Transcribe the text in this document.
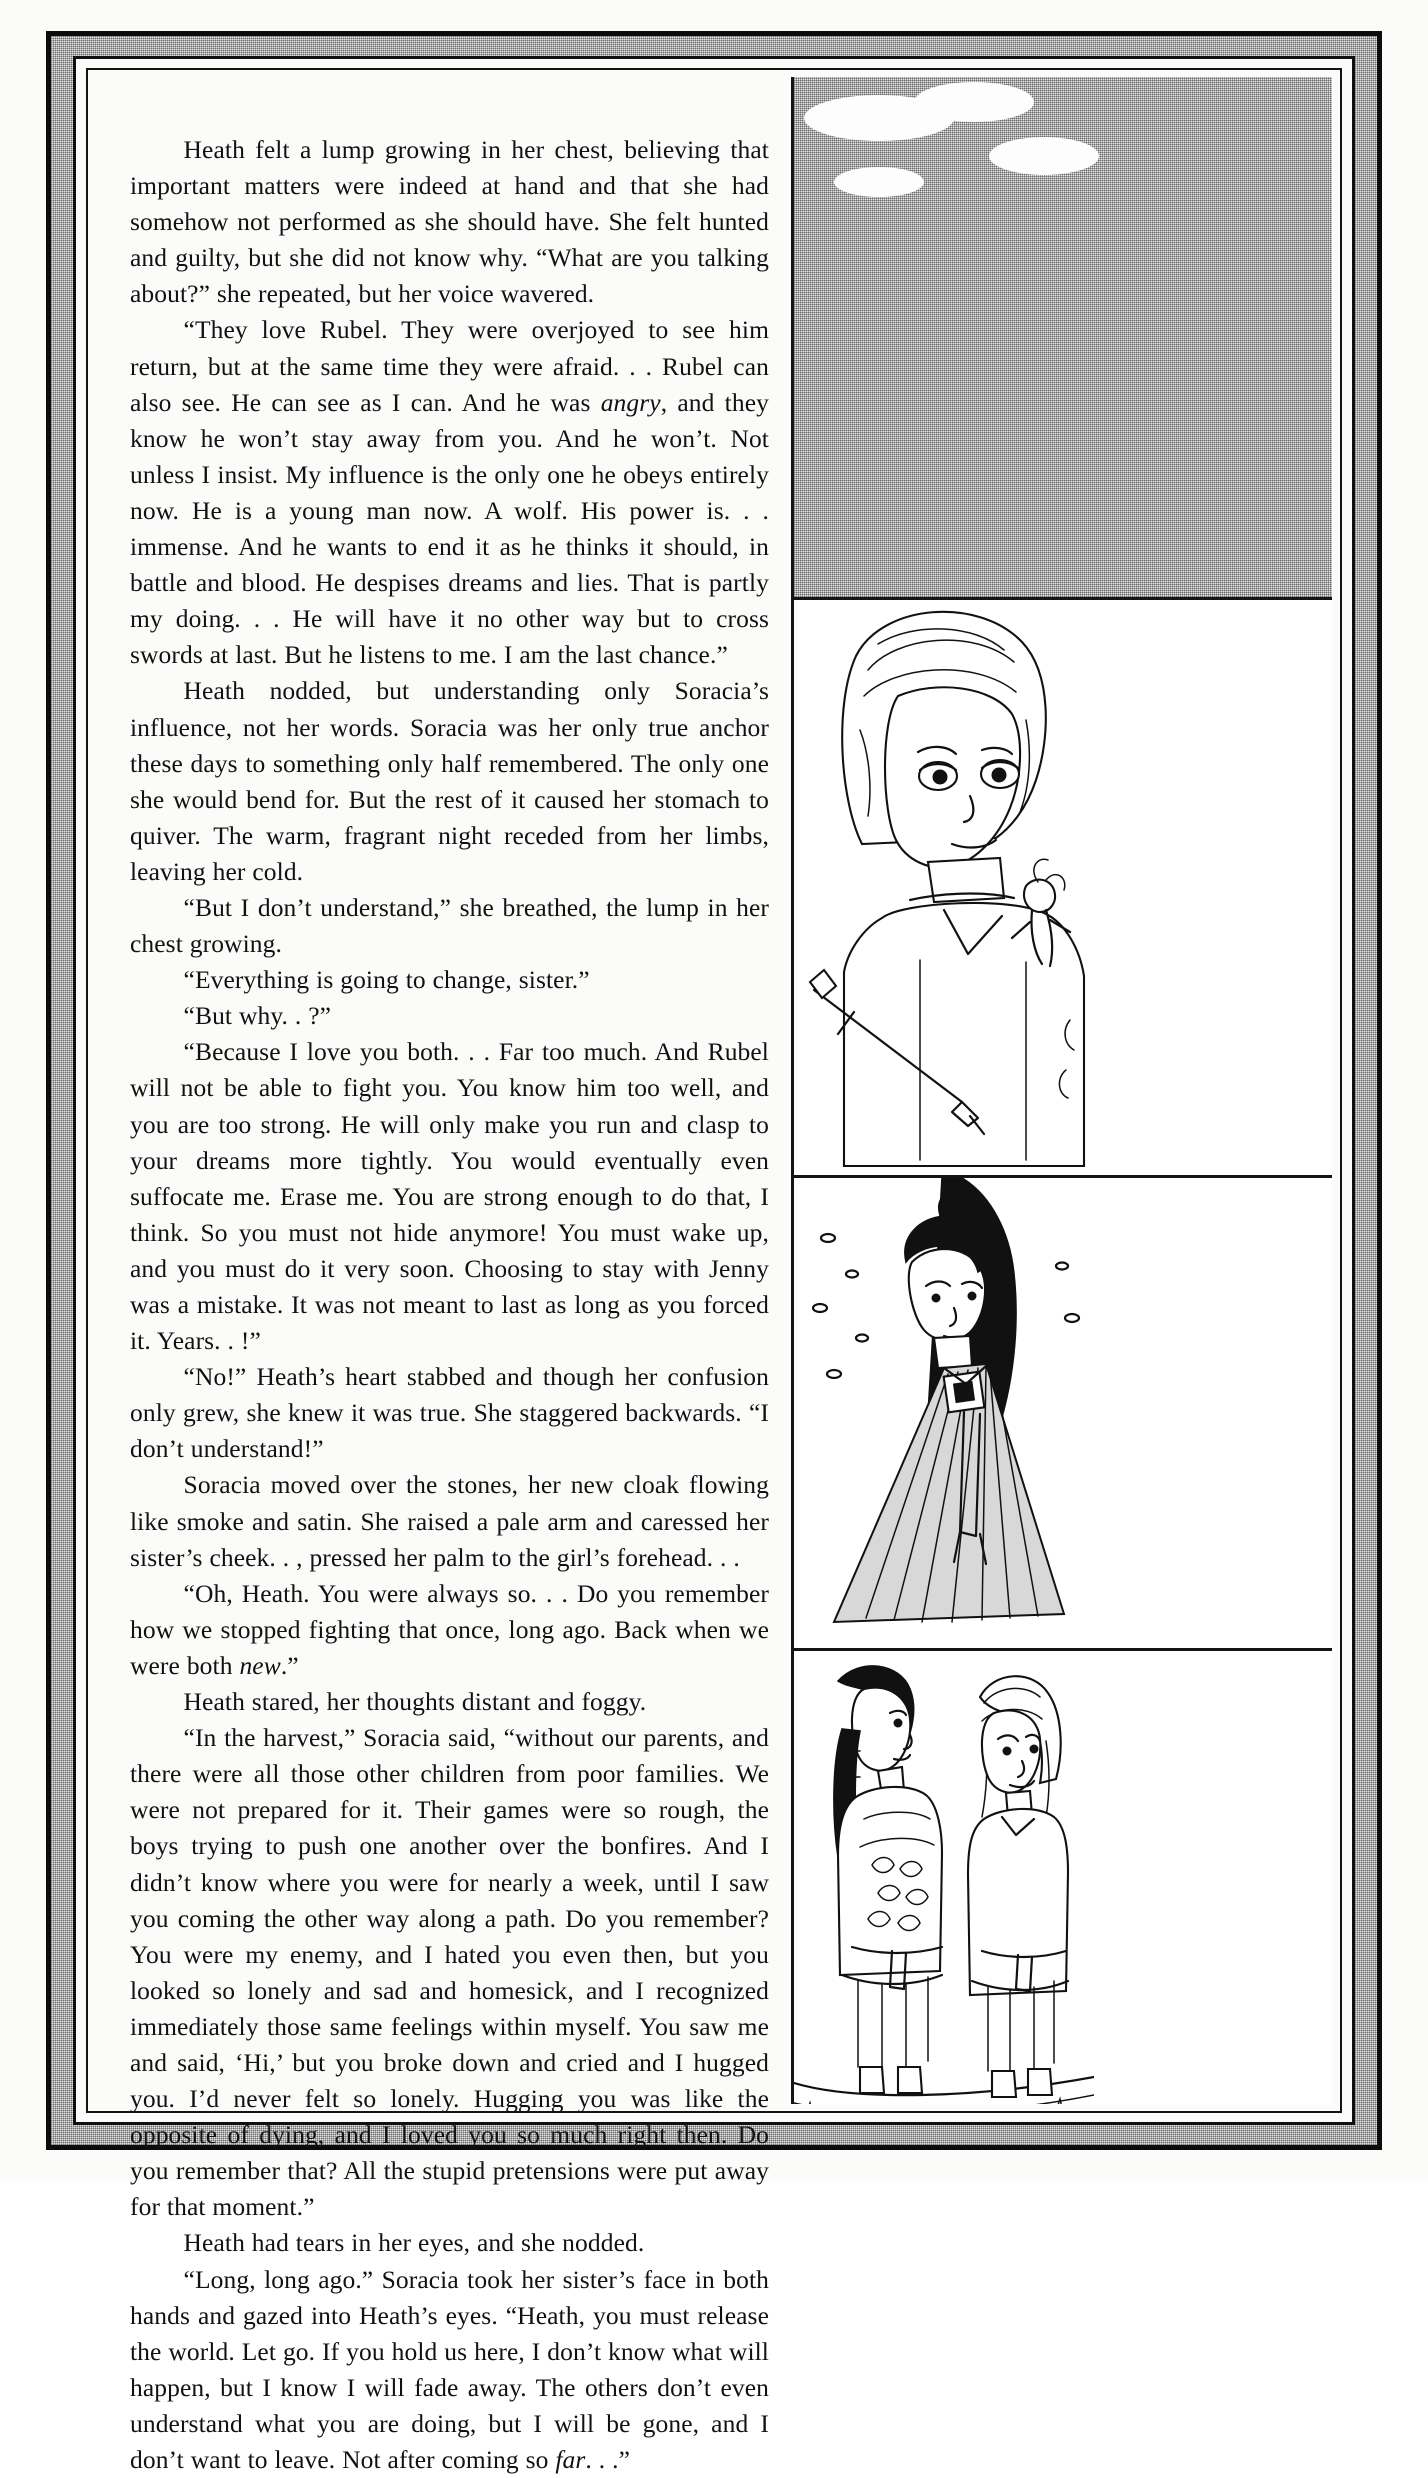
Heath felt a lump growing in her chest, believing that important matters were indeed at hand and that she had somehow not performed as she should have. She felt hunted and guilty, but she did not know why. “What are you talking about?” she repeated, but her voice wavered.

“They love Rubel. They were overjoyed to see him return, but at the same time they were afraid. . . Rubel can also see. He can see as I can. And he was angry, and they know he won’t stay away from you. And he won’t. Not unless I insist. My influence is the only one he obeys entirely now. He is a young man now. A wolf. His power is. . . immense. And he wants to end it as he thinks it should, in battle and blood. He despises dreams and lies. That is partly my doing. . . He will have it no other way but to cross swords at last. But he listens to me. I am the last chance.”

Heath nodded, but understanding only Soracia’s influence, not her words. Soracia was her only true anchor these days to something only half remembered. The only one she would bend for. But the rest of it caused her stomach to quiver. The warm, fragrant night receded from her limbs, leaving her cold.

“But I don’t understand,” she breathed, the lump in her chest growing.

“Everything is going to change, sister.”

“But why. . ?”

“Because I love you both. . . Far too much. And Rubel will not be able to fight you. You know him too well, and you are too strong. He will only make you run and clasp to your dreams more tightly. You would eventually even suffocate me. Erase me. You are strong enough to do that, I think. So you must not hide anymore! You must wake up, and you must do it very soon. Choosing to stay with Jenny was a mistake. It was not meant to last as long as you forced it. Years. . !”

“No!” Heath’s heart stabbed and though her confusion only grew, she knew it was true. She staggered backwards. “I don’t understand!”

Soracia moved over the stones, her new cloak flowing like smoke and satin. She raised a pale arm and caressed her sister’s cheek. . , pressed her palm to the girl’s forehead. . .

“Oh, Heath. You were always so. . . Do you remember how we stopped fighting that once, long ago. Back when we were both new.”

Heath stared, her thoughts distant and foggy.

“In the harvest,” Soracia said, “without our parents, and there were all those other children from poor families. We were not prepared for it. Their games were so rough, the boys trying to push one another over the bonfires. And I didn’t know where you were for nearly a week, until I saw you coming the other way along a path. Do you remember? You were my enemy, and I hated you even then, but you looked so lonely and sad and homesick, and I recognized immediately those same feelings within myself. You saw me and said, ‘Hi,’ but you broke down and cried and I hugged you. I’d never felt so lonely. Hugging you was like the opposite of dying, and I loved you so much right then. Do you remember that? All the stupid pretensions were put away for that moment.”

Heath had tears in her eyes, and she nodded.

“Long, long ago.” Soracia took her sister’s face in both hands and gazed into Heath’s eyes. “Heath, you must release the world. Let go. If you hold us here, I don’t know what will happen, but I know I will fade away. The others don’t even understand what you are doing, but I will be gone, and I don’t want to leave. Not after coming so far. . .”
